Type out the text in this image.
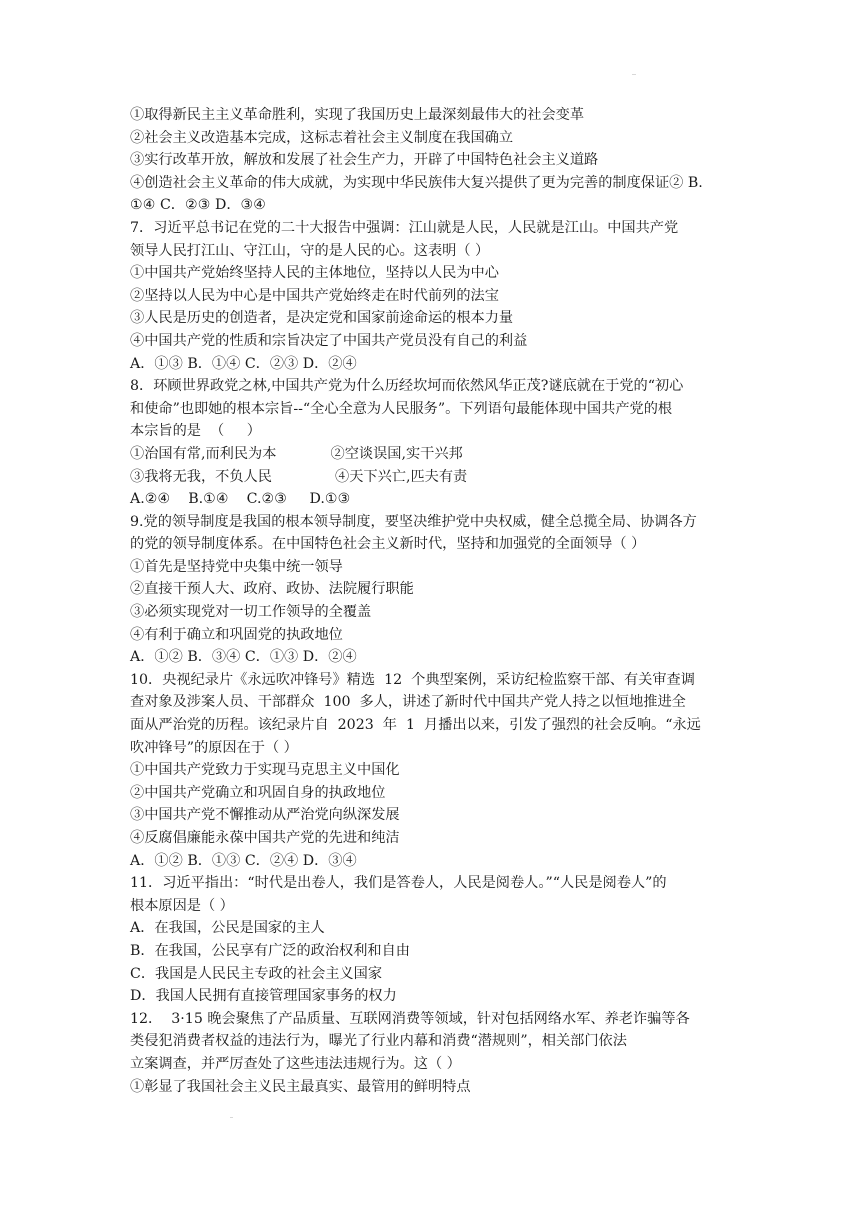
①取得新民主主义革命胜利，实现了我国历史上最深刻最伟大的社会变革
②社会主义改造基本完成，这标志着社会主义制度在我国确立
③实行改革开放，解放和发展了社会生产力，开辟了中国特色社会主义道路
④创造社会主义革命的伟大成就，为实现中华民族伟大复兴提供了更为完善的制度保证② B.
①④ C．②③ D．③④
7．习近平总书记在党的二十大报告中强调：江山就是人民，人民就是江山。中国共产党
领导人民打江山、守江山，守的是人民的心。这表明（ ）
①中国共产党始终坚持人民的主体地位，坚持以人民为中心
②坚持以人民为中心是中国共产党始终走在时代前列的法宝
③人民是历史的创造者，是决定党和国家前途命运的根本力量
④中国共产党的性质和宗旨决定了中国共产党员没有自己的利益
A．①③ B．①④ C．②③ D．②④
8．环顾世界政党之林,中国共产党为什么历经坎坷而依然风华正茂?谜底就在于党的“初心
和使命”也即她的根本宗旨--“全心全意为人民服务”。下列语句最能体现中国共产党的根
本宗旨的是  （     ）
①治国有常,而利民为本            ②空谈误国,实干兴邦
③我将无我，不负人民              ④天下兴亡,匹夫有责
A.②④    B.①④    C.②③     D.①③
9.党的领导制度是我国的根本领导制度，要坚决维护党中央权威，健全总揽全局、协调各方
的党的领导制度体系。在中国特色社会主义新时代，坚持和加强党的全面领导（ ）
①首先是坚持党中央集中统一领导
②直接干预人大、政府、政协、法院履行职能
③必须实现党对一切工作领导的全覆盖
④有利于确立和巩固党的执政地位
A．①② B．③④ C．①③ D．②④
10．央视纪录片《永远吹冲锋号》精选  12  个典型案例，采访纪检监察干部、有关审查调
查对象及涉案人员、干部群众  100  多人，讲述了新时代中国共产党人持之以恒地推进全
面从严治党的历程。该纪录片自  2023  年  1  月播出以来，引发了强烈的社会反响。“永远
吹冲锋号”的原因在于（ ）
①中国共产党致力于实现马克思主义中国化
②中国共产党确立和巩固自身的执政地位
③中国共产党不懈推动从严治党向纵深发展
④反腐倡廉能永葆中国共产党的先进和纯洁
A．①② B．①③ C．②④ D．③④
11．习近平指出：“时代是出卷人，我们是答卷人，人民是阅卷人。”“人民是阅卷人”的
根本原因是（ ）
A．在我国，公民是国家的主人
B．在我国，公民享有广泛的政治权利和自由
C．我国是人民民主专政的社会主义国家
D．我国人民拥有直接管理国家事务的权力
12．  3·15 晚会聚焦了产品质量、互联网消费等领域，针对包括网络水军、养老诈骗等各
类侵犯消费者权益的违法行为，曝光了行业内幕和消费“潜规则”，相关部门依法
立案调查，并严厉查处了这些违法违规行为。这（ ）
①彰显了我国社会主义民主最真实、最管用的鲜明特点
